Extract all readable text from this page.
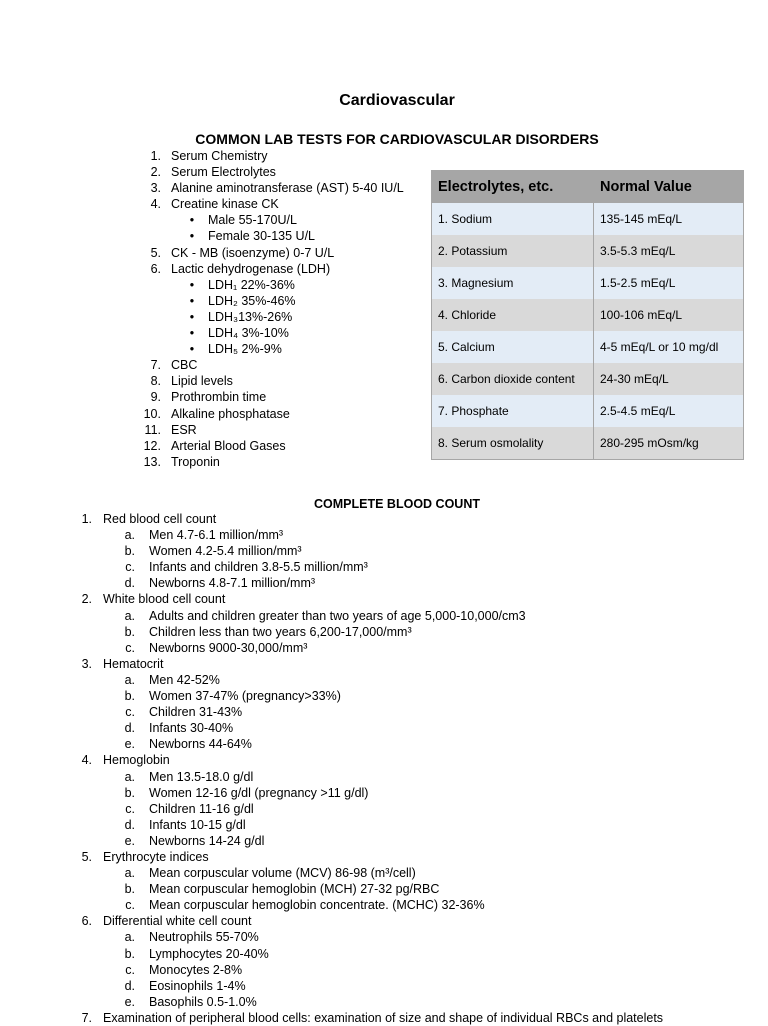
Cardiovascular
COMMON LAB TESTS FOR CARDIOVASCULAR DISORDERS
1. Serum Chemistry
2. Serum Electrolytes
3. Alanine aminotransferase (AST) 5-40 IU/L
4. Creatine kinase CK
•	Male 55-170U/L
•	Female 30-135 U/L
5. CK - MB (isoenzyme) 0-7 U/L
6. Lactic dehydrogenase (LDH)
•	LDH₁ 22%-36%
•	LDH₂ 35%-46%
•	LDH₃13%-26%
•	LDH₄ 3%-10%
•	LDH₅ 2%-9%
7. CBC
8. Lipid levels
9. Prothrombin time
10. Alkaline phosphatase
11. ESR
12. Arterial Blood Gases
13. Troponin
Electrolytes, etc.	Normal Value
1. Sodium	135-145 mEq/L
2. Potassium	3.5-5.3 mEq/L
3. Magnesium	1.5-2.5 mEq/L
4. Chloride	100-106 mEq/L
5. Calcium	4-5 mEq/L or 10 mg/dl
6. Carbon dioxide content	24-30 mEq/L
7. Phosphate	2.5-4.5 mEq/L
8. Serum osmolality	280-295 mOsm/kg
COMPLETE BLOOD COUNT
1. Red blood cell count
a. Men 4.7-6.1 million/mm³
b. Women 4.2-5.4 million/mm³
c. Infants and children 3.8-5.5 million/mm³
d. Newborns 4.8-7.1 million/mm³
2. White blood cell count
a. Adults and children greater than two years of age 5,000-10,000/cm3
b. Children less than two years 6,200-17,000/mm³
c. Newborns 9000-30,000/mm³
3. Hematocrit
a. Men 42-52%
b. Women 37-47% (pregnancy>33%)
c. Children 31-43%
d. Infants 30-40%
e. Newborns 44-64%
4. Hemoglobin
a. Men 13.5-18.0 g/dl
b. Women 12-16 g/dl (pregnancy >11 g/dl)
c. Children 11-16 g/dl
d. Infants 10-15 g/dl
e. Newborns 14-24 g/dl
5. Erythrocyte indices
a. Mean corpuscular volume (MCV) 86-98 (m³/cell)
b. Mean corpuscular hemoglobin (MCH) 27-32 pg/RBC
c. Mean corpuscular hemoglobin concentrate. (MCHC) 32-36%
6. Differential white cell count
a. Neutrophils 55-70%
b. Lymphocytes 20-40%
c. Monocytes 2-8%
d. Eosinophils 1-4%
e. Basophils 0.5-1.0%
7. Examination of peripheral blood cells: examination of size and shape of individual RBCs and platelets
